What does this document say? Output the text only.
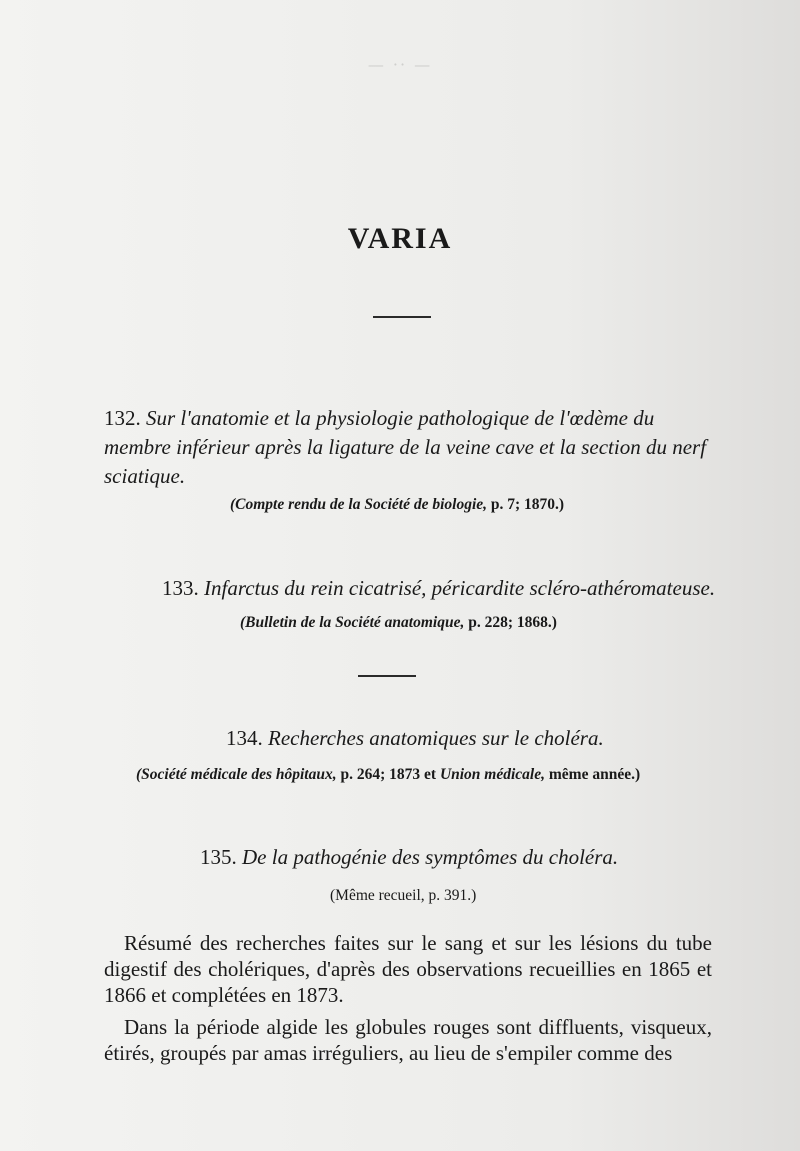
— ·· —
VARIA
132. Sur l'anatomie et la physiologie pathologique de l'œdème du membre inférieur après la ligature de la veine cave et la section du nerf sciatique.
(Compte rendu de la Société de biologie, p. 7; 1870.)
133. Infarctus du rein cicatrisé, péricardite scléro-athéromateuse.
(Bulletin de la Société anatomique, p. 228; 1868.)
134. Recherches anatomiques sur le choléra.
(Société médicale des hôpitaux, p. 264; 1873 et Union médicale, même année.)
135. De la pathogénie des symptômes du choléra.
(Même recueil, p. 391.)

Résumé des recherches faites sur le sang et sur les lésions du tube digestif des cholériques, d'après des observations recueillies en 1865 et 1866 et complétées en 1873.

Dans la période algide les globules rouges sont diffluents, visqueux, étirés, groupés par amas irréguliers, au lieu de s'empiler comme des
